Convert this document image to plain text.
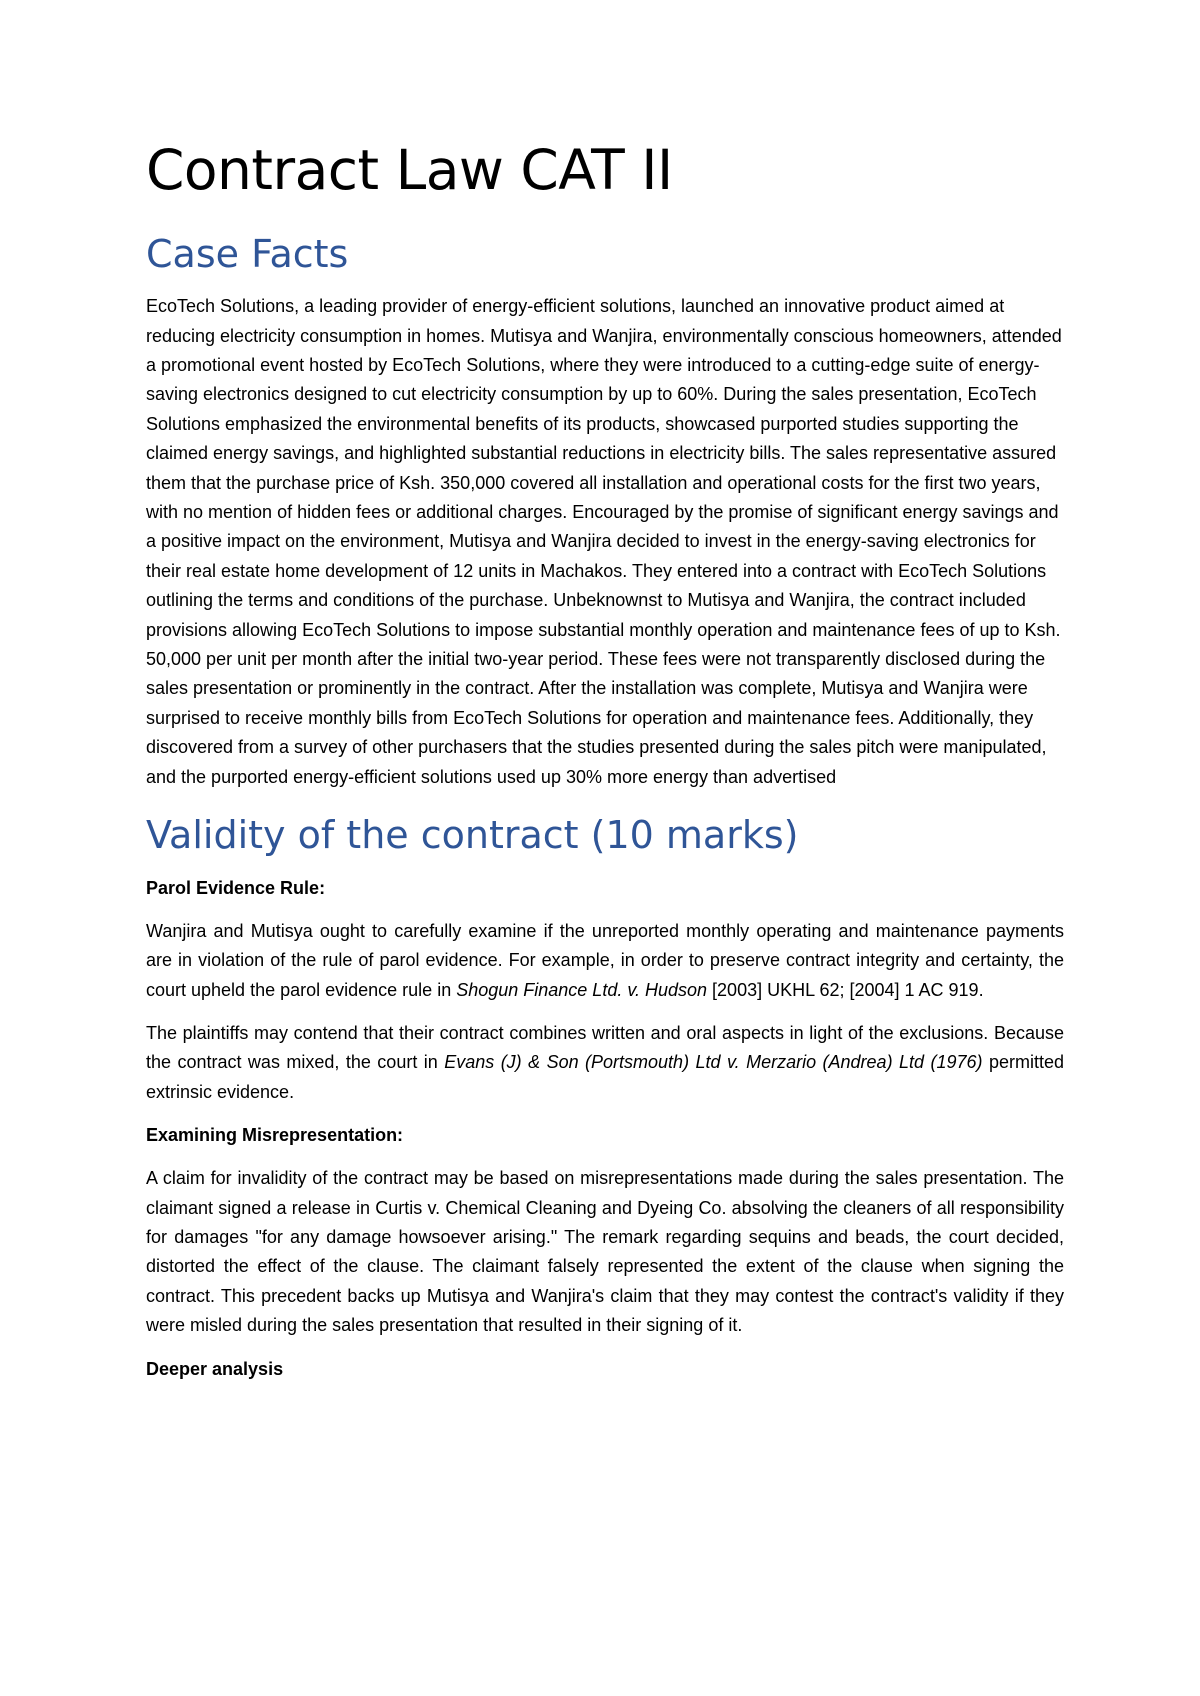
Contract Law CAT II
Case Facts

EcoTech Solutions, a leading provider of energy-efficient solutions, launched an innovative product aimed at reducing electricity consumption in homes. Mutisya and Wanjira, environmentally conscious homeowners, attended a promotional event hosted by EcoTech Solutions, where they were introduced to a cutting-edge suite of energy-saving electronics designed to cut electricity consumption by up to 60%. During the sales presentation, EcoTech Solutions emphasized the environmental benefits of its products, showcased purported studies supporting the claimed energy savings, and highlighted substantial reductions in electricity bills. The sales representative assured them that the purchase price of Ksh. 350,000 covered all installation and operational costs for the first two years, with no mention of hidden fees or additional charges. Encouraged by the promise of significant energy savings and a positive impact on the environment, Mutisya and Wanjira decided to invest in the energy-saving electronics for their real estate home development of 12 units in Machakos. They entered into a contract with EcoTech Solutions outlining the terms and conditions of the purchase. Unbeknownst to Mutisya and Wanjira, the contract included provisions allowing EcoTech Solutions to impose substantial monthly operation and maintenance fees of up to Ksh. 50,000 per unit per month after the initial two-year period. These fees were not transparently disclosed during the sales presentation or prominently in the contract. After the installation was complete, Mutisya and Wanjira were surprised to receive monthly bills from EcoTech Solutions for operation and maintenance fees. Additionally, they discovered from a survey of other purchasers that the studies presented during the sales pitch were manipulated, and the purported energy-efficient solutions used up 30% more energy than advertised

Validity of the contract (10 marks)

Parol Evidence Rule:

Wanjira and Mutisya ought to carefully examine if the unreported monthly operating and maintenance payments are in violation of the rule of parol evidence. For example, in order to preserve contract integrity and certainty, the court upheld the parol evidence rule in Shogun Finance Ltd. v. Hudson [2003] UKHL 62; [2004] 1 AC 919.

The plaintiffs may contend that their contract combines written and oral aspects in light of the exclusions. Because the contract was mixed, the court in Evans (J) & Son (Portsmouth) Ltd v. Merzario (Andrea) Ltd (1976) permitted extrinsic evidence.

Examining Misrepresentation:

A claim for invalidity of the contract may be based on misrepresentations made during the sales presentation. The claimant signed a release in Curtis v. Chemical Cleaning and Dyeing Co. absolving the cleaners of all responsibility for damages "for any damage howsoever arising." The remark regarding sequins and beads, the court decided, distorted the effect of the clause. The claimant falsely represented the extent of the clause when signing the contract. This precedent backs up Mutisya and Wanjira's claim that they may contest the contract's validity if they were misled during the sales presentation that resulted in their signing of it.

Deeper analysis
